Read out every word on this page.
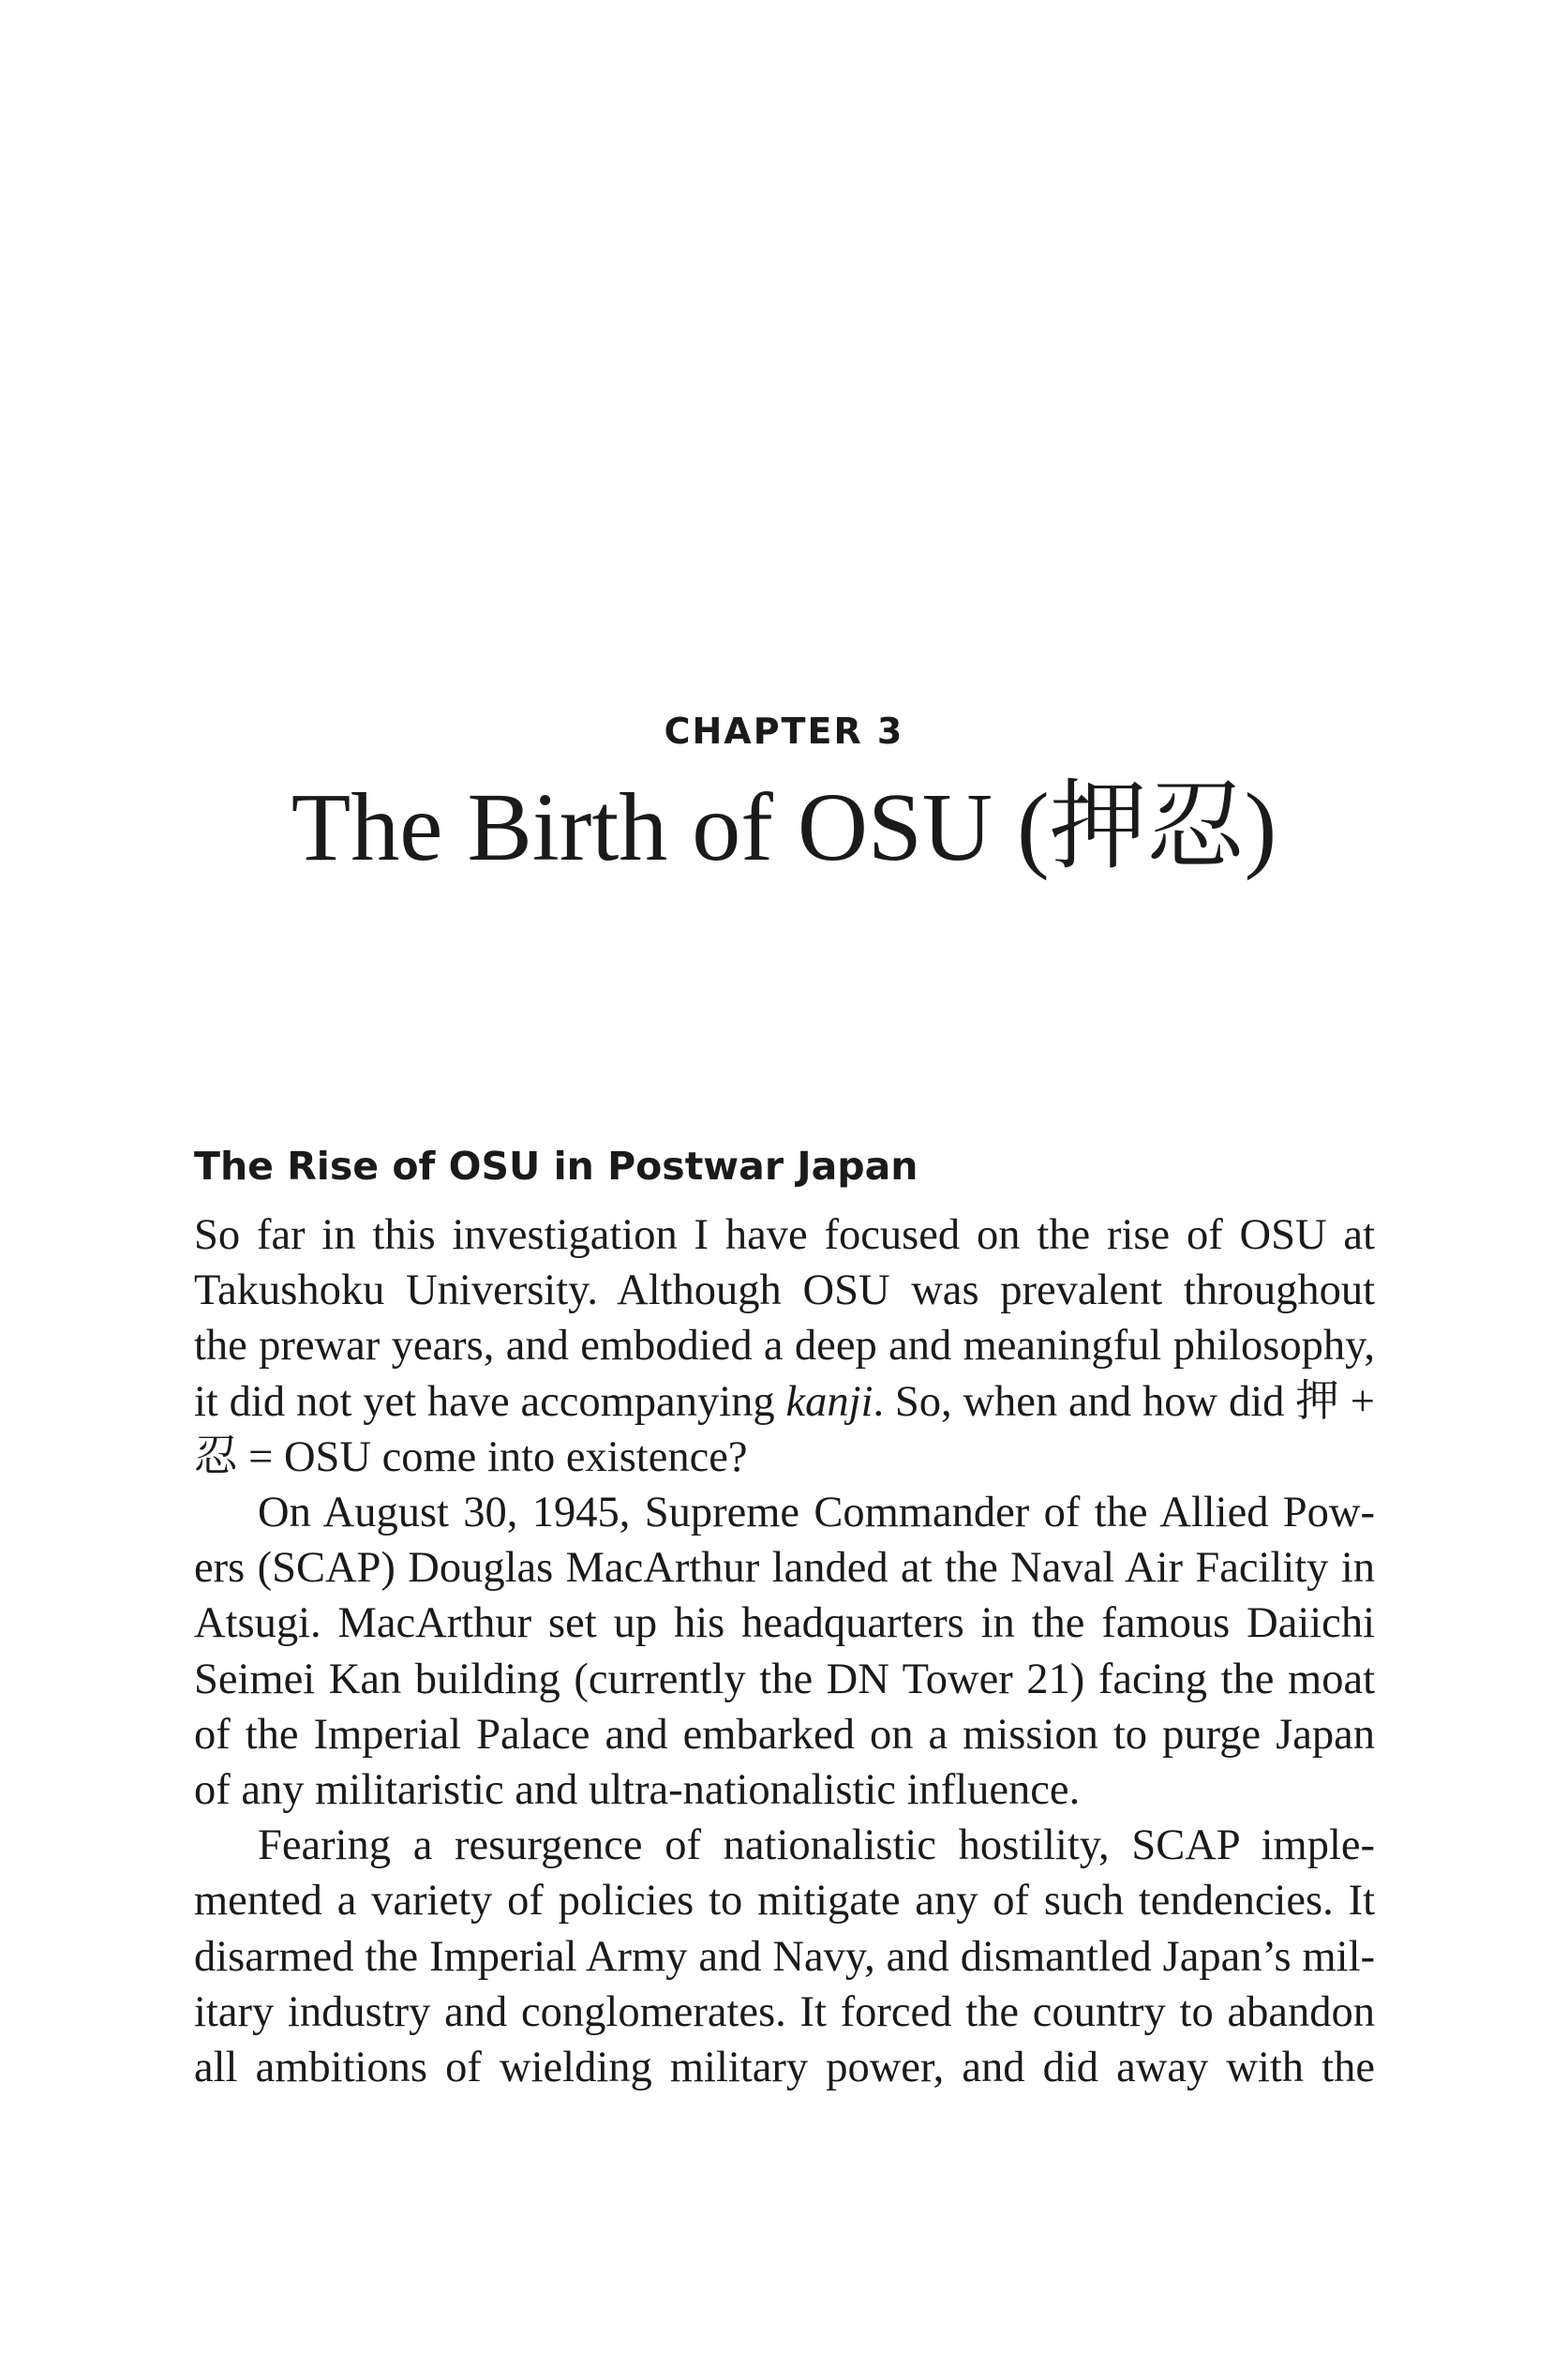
CHAPTER 3
The Birth of OSU (押忍)
The Rise of OSU in Postwar Japan

So far in this investigation I have focused on the rise of OSU at Takushoku University. Although OSU was prevalent throughout the prewar years, and embodied a deep and meaningful philosophy, it did not yet have accompanying kanji. So, when and how did 押 + 忍 = OSU come into existence?

On August 30, 1945, Supreme Commander of the Allied Powers (SCAP) Douglas MacArthur landed at the Naval Air Facility in Atsugi. MacArthur set up his headquarters in the famous Daiichi Seimei Kan building (currently the DN Tower 21) facing the moat of the Imperial Palace and embarked on a mission to purge Japan of any militaristic and ultra-nationalistic influence.

Fearing a resurgence of nationalistic hostility, SCAP implemented a variety of policies to mitigate any of such tendencies. It disarmed the Imperial Army and Navy, and dismantled Japan’s military industry and conglomerates. It forced the country to abandon all ambitions of wielding military power, and did away with the
